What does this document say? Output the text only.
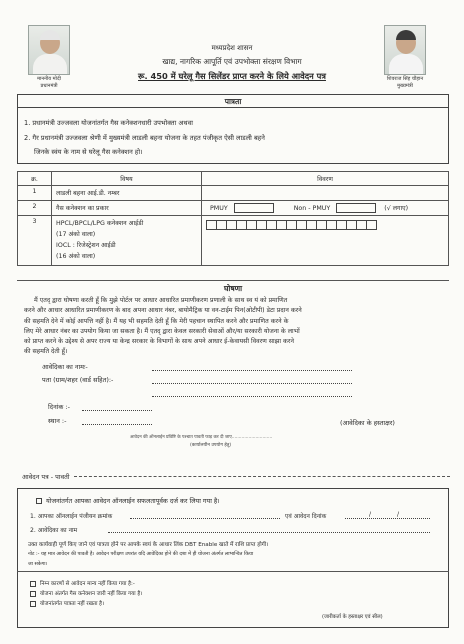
माननीय मोदी
प्रधानमंत्री
शिवराज सिंह चौहान
मुख्यमंत्री
मध्यप्रदेश शासन
खाद्य, नागरिक आपूर्ति एवं उपभोक्ता संरक्षण विभाग
रू. 450 में घरेलू गैस सिलेंडर प्राप्त करने के लिये आवेदन पत्र
पात्रता
1. प्रधानमंत्री उज्जवला योजनांतर्गत गैस कनेक्शनधारी उपभोक्ता अथवा
2. गैर प्रधानमंत्री उज्जवला श्रेणी में मुख्यमंत्री लाडली बहना योजना के तहत पंजीकृत ऐसी लाडली बहने
जिनके स्वंय के नाम से घरेलू गैस कनेक्शन हो।
क्र.	विषय	विवरण
1	लाडली बहना आई.डी. नम्बर	
2	गैस कनेक्शन का प्रकार	PMUY Non - PMUY (√ लगाए)
3	HPCL/BPCL/LPG कनेक्शन आईडी
(17 अंको वाला)
IOCL : रिजेस्ट्रेशन आईडी
(16 अंको वाला)	

घोषणा
मैं एतद् द्वारा घोषणा करती हूँ कि मुझे पोर्टल पर आधार आधारित प्रमाणीकरण प्रणाली के साथ स्व यं को प्रमाणित
करने और आधार आधारित प्रमाणीकरण के बाद अपना आधार नंबर, बायोमैट्रिक या वन-टाईम पिन(ओटीपी) डेटा प्रदान करने
की सहमति देने में कोई आपत्ति नहीं है। मैं यह भी सहमति देती हूँ कि मेरी पहचान स्थापित करने और प्रमाणित करने के
लिए मेरे आधार नंबर का उपयोग किया जा सकता है। मैं एतद् द्वारा केवल सरकारी सेवाओं और/या सरकारी योजना के लाभों
को प्राप्त करने के उद्देश्य से अपर राज्य या केन्द्र सरकार के विभागों के साथ अपने आधार ई-केवायसी विवरण साझा करने
की सहमति देती हूँ।
आवेदिका का नामः-
पता (ग्राम/शहर (वार्ड सहित):-
दिनांक :-
स्थान :-	(आवेदिका के हस्ताक्षर)
आवेदन की ऑनलाईन प्रविष्टि के पश्चात पावती फाड़ कर दी जाए.............................
(कार्यालयीन उपयोग हेतु)
आवेदन पत्र - पावती
योजनांतर्गत आपका आवेदन ऑनलाईन सफलतापूर्वक दर्ज कर लिया गया है।
1. आपका ऑनलाईन पंजीयन क्रमांक	एवं आवेदन दिनांक	/	/
2. आवेदिका का नाम
उक्त कार्यवाही पूर्ण किए जाने एवं पात्रता होने पर आपके स्वयं के आधार लिंक DBT Enable खाते में राशि प्राप्त होगी।
नोट :- यह मात्र आवेदन की पावती है। आवेदन परीक्षण उपरांत यदि आवेदिका होने की दशा में ही योजना अंतर्गत लाभान्वित किया
जा सकेगा।
निम्न कारणों से आवेदन मान्य नहीं किया गया है:-
योजना अंतर्गत गैस कनेक्शन जारी नहीं किया गया है।
योजनांतर्गत पात्रता नहीं रखता है।
(जारीकर्ता के हस्ताक्षर एवं सील)
